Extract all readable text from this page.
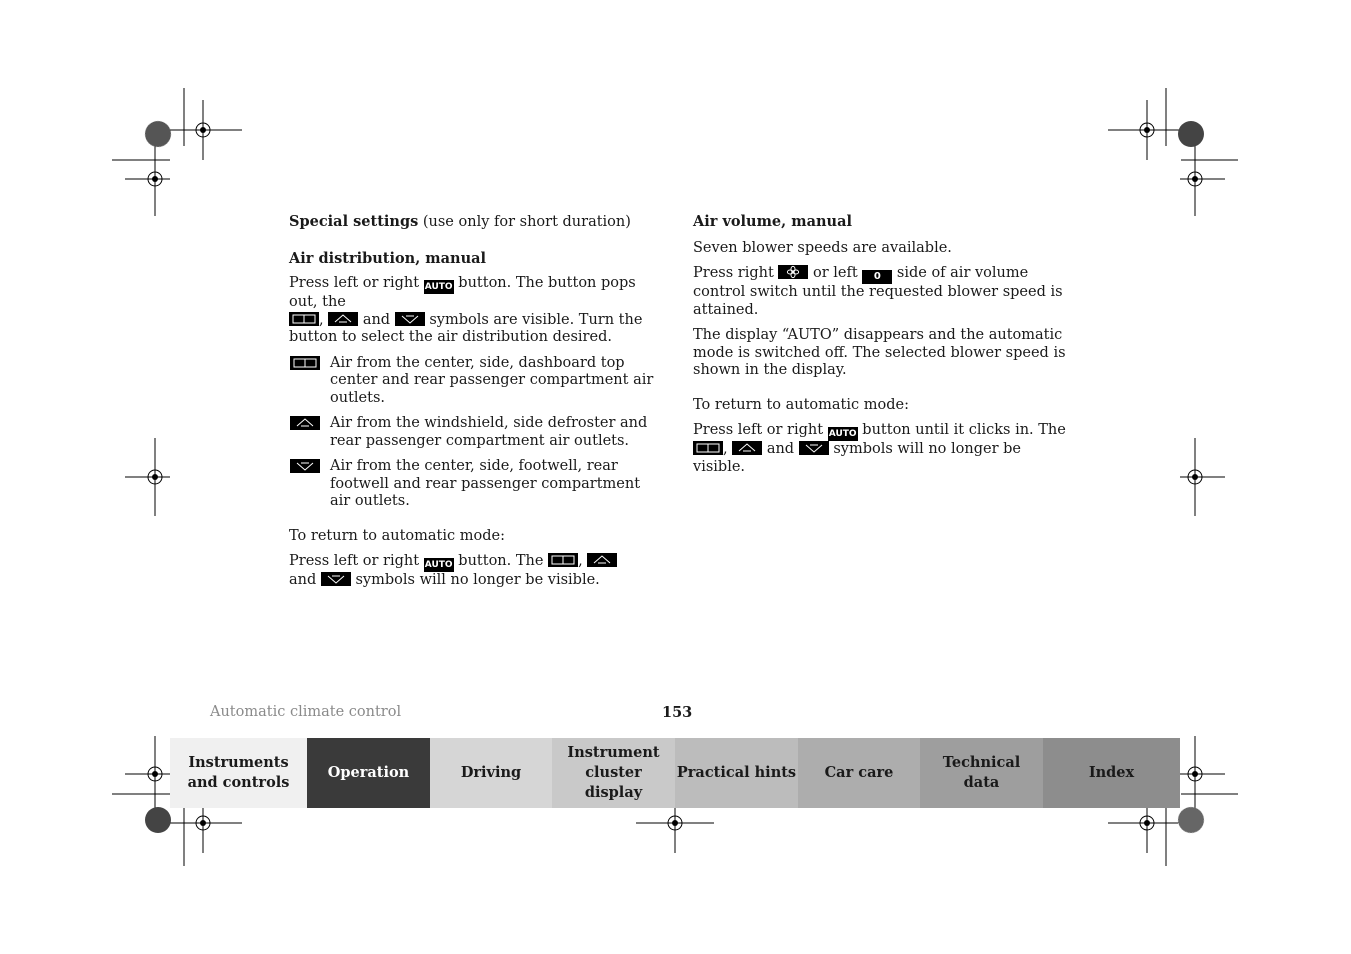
Special settings (use only for short duration)

Air distribution, manual

Press left or right AUTO button. The button pops out, the

,	and	symbols are visible. Turn the
button to select the air distribution desired.

Air from the center, side, dashboard top center and rear passenger compartment air outlets.
Air from the windshield, side defroster and rear passenger compartment air outlets.
Air from the center, side, footwell, rear footwell and rear passenger compartment air outlets.

To return to automatic mode:

Press left or right AUTO button. The ,

and	symbols will no longer be visible.

Air volume, manual

Seven blower speeds are available.

Press right	or left 0 side of air volume control switch until the requested blower speed is attained.

The display “AUTO” disappears and the automatic mode is switched off. The selected blower speed is shown in the display.

To return to automatic mode:

Press left or right AUTO button until it clicks in. The

,	and	symbols will no longer be visible.

Automatic climate control	153
Instruments and controls
Operation	Driving
Instrument cluster display
Practical hints Car care
Technical data
Index
